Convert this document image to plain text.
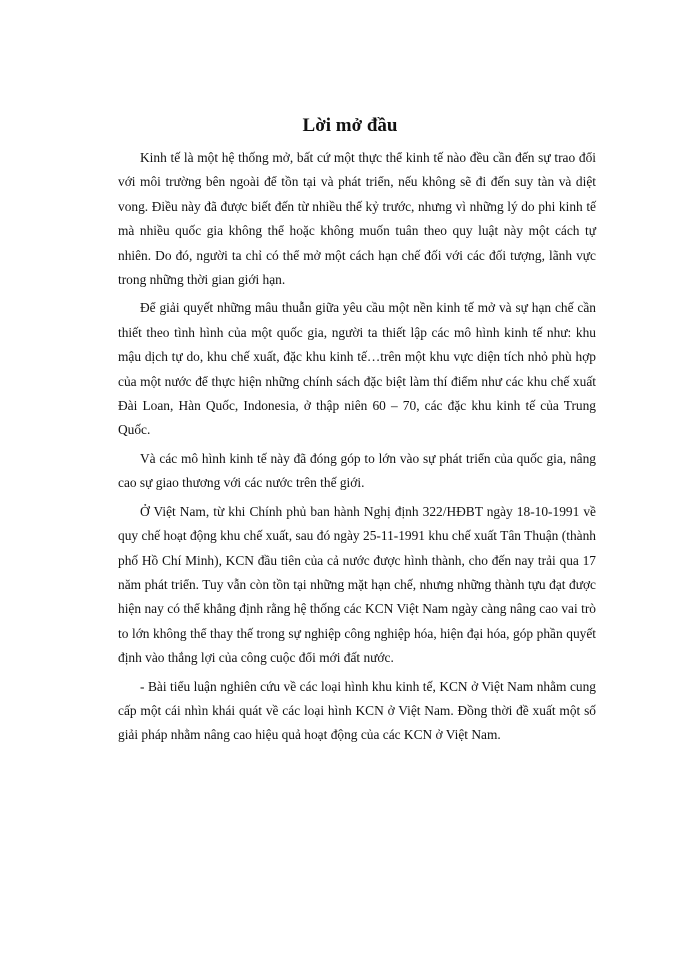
Lời mở đầu

Kinh tế là một hệ thống mở, bất cứ một thực thể kinh tế nào đều cần đến sự trao đổi với môi trường bên ngoài để tồn tại và phát triển, nếu không sẽ đi đến suy tàn và diệt vong. Điều này đã được biết đến từ nhiều thế kỷ trước, nhưng vì những lý do phi kinh tế mà nhiều quốc gia không thể hoặc không muốn tuân theo quy luật này một cách tự nhiên. Do đó, người ta chỉ có thể mở một cách hạn chế đối với các đối tượng, lãnh vực trong những thời gian giới hạn.

Để giải quyết những mâu thuẫn giữa yêu cầu một nền kinh tế mở và sự hạn chế cần thiết theo tình hình của một quốc gia, người ta thiết lập các mô hình kinh tế như: khu mậu dịch tự do, khu chế xuất, đặc khu kinh tế…trên một khu vực diện tích nhỏ phù hợp của một nước để thực hiện những chính sách đặc biệt làm thí điểm như các khu chế xuất Đài Loan, Hàn Quốc, Indonesia, ở thập niên 60 – 70, các đặc khu kinh tế của Trung Quốc.

Và các mô hình kinh tế này đã đóng góp to lớn vào sự phát triển của quốc gia, nâng cao sự giao thương với các nước trên thế giới.

Ở Việt Nam, từ khi Chính phủ ban hành Nghị định 322/HĐBT ngày 18-10-1991 về quy chế hoạt động khu chế xuất, sau đó ngày 25-11-1991 khu chế xuất Tân Thuận (thành phố Hồ Chí Minh), KCN đầu tiên của cả nước được hình thành, cho đến nay trải qua 17 năm phát triển. Tuy vẫn còn tồn tại những mặt hạn chế, nhưng những thành tựu đạt được hiện nay có thể khẳng định rằng hệ thống các KCN Việt Nam ngày càng nâng cao vai trò to lớn không thể thay thế trong sự nghiệp công nghiệp hóa, hiện đại hóa, góp phần quyết định vào thắng lợi của công cuộc đổi mới đất nước.

- Bài tiểu luận nghiên cứu về các loại hình khu kinh tế, KCN ở Việt Nam nhằm cung cấp một cái nhìn khái quát về các loại hình KCN ở Việt Nam. Đồng thời đề xuất một số giải pháp nhằm nâng cao hiệu quả hoạt động của các KCN ở Việt Nam.
